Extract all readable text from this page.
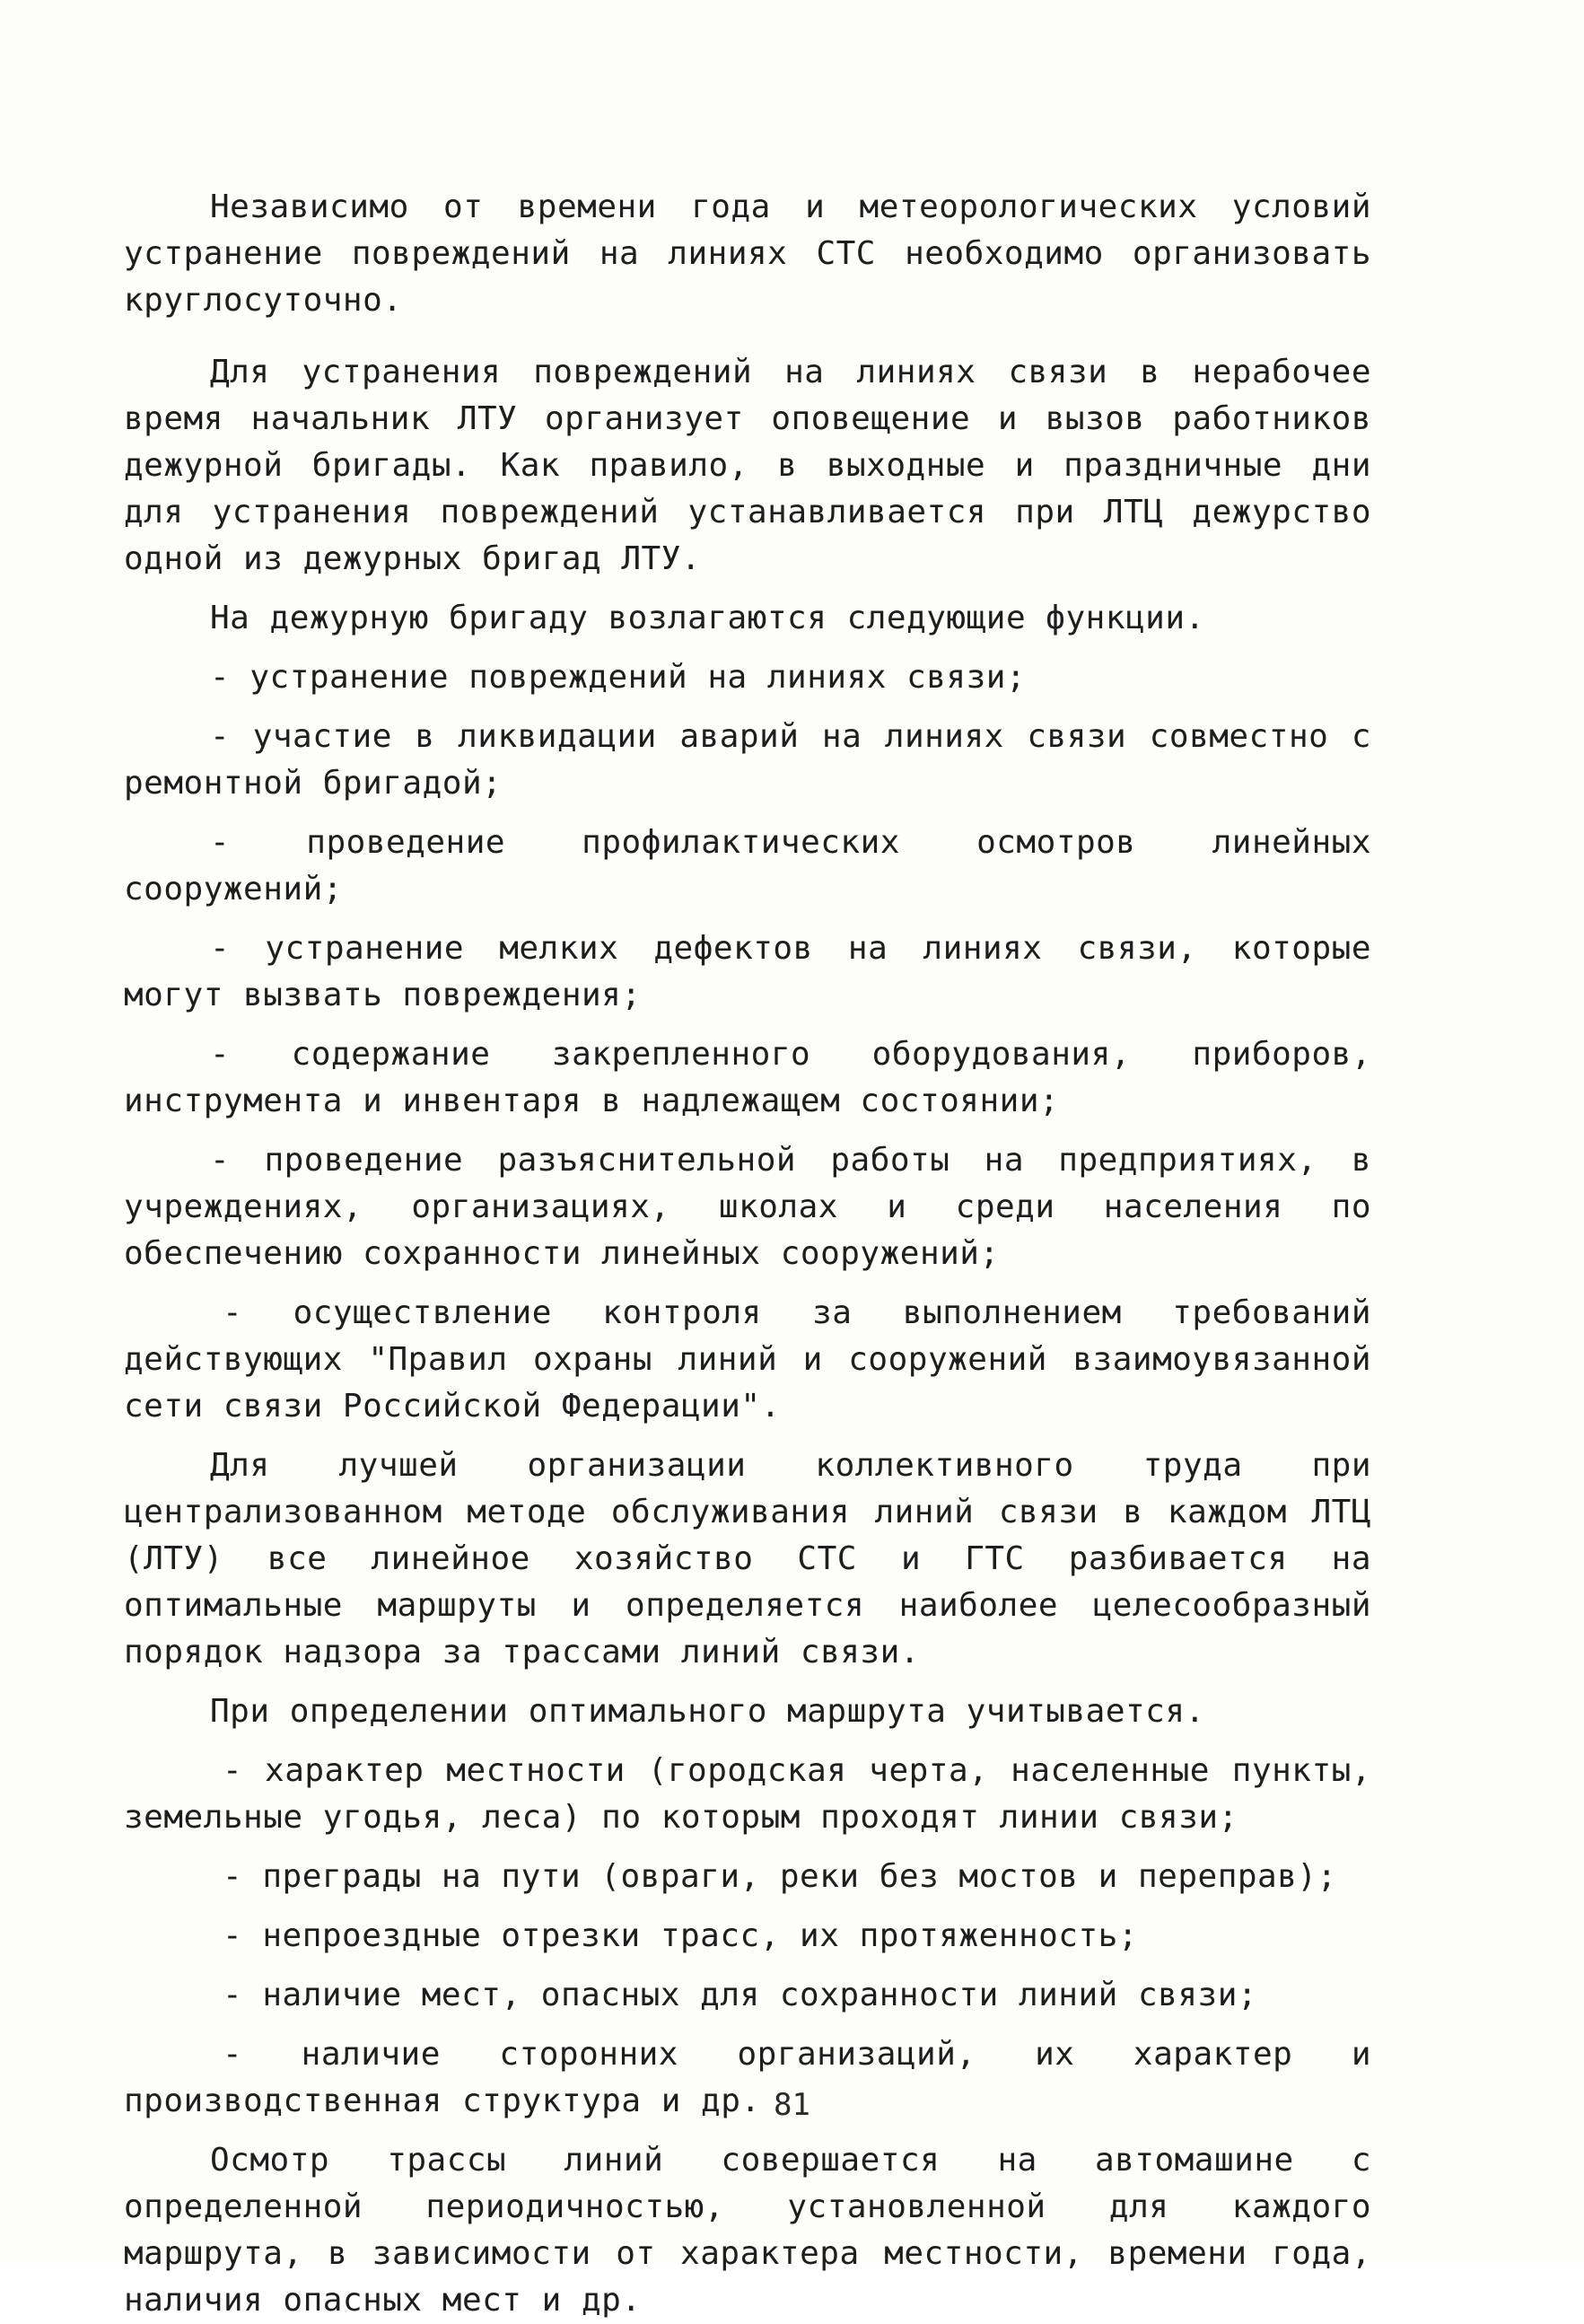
Независимо от времени года и метеорологических условий устранение повреждений на линиях СТС необходимо организовать круглосуточно.

Для устранения повреждений на линиях связи в нерабочее время начальник ЛТУ организует оповещение и вызов работников дежурной бригады. Как правило, в выходные и праздничные дни для устранения повреждений устанавливается при ЛТЦ дежурство одной из дежурных бригад ЛТУ.

На дежурную бригаду возлагаются следующие функции.

- устранение повреждений на линиях связи;

- участие в ликвидации аварий на линиях связи совместно с ремонтной бригадой;

- проведение профилактических осмотров линейных сооружений;

- устранение мелких дефектов на линиях связи, которые могут вызвать повреждения;

- содержание закрепленного оборудования, приборов, инструмента и инвентаря в надлежащем состоянии;

- проведение разъяснительной работы на предприятиях, в учреждениях, организациях, школах и среди населения по обеспечению сохранности линейных сооружений;

- осуществление контроля за выполнением требований действующих "Правил охраны линий и сооружений взаимоувязанной сети связи Российской Федерации".

Для лучшей организации коллективного труда при централизованном методе обслуживания линий связи в каждом ЛТЦ (ЛТУ) все линейное хозяйство СТС и ГТС разбивается на оптимальные маршруты и определяется наиболее целесообразный порядок надзора за трассами линий связи.

При определении оптимального маршрута учитывается.

- характер местности (городская черта, населенные пункты, земельные угодья, леса) по которым проходят линии связи;

- преграды на пути (овраги, реки без мостов и переправ);

- непроездные отрезки трасс, их протяженность;

- наличие мест, опасных для сохранности линий связи;

- наличие сторонних организаций, их характер и производственная структура и др.

Осмотр трассы линий совершается на автомашине с определенной периодичностью, установленной для каждого маршрута, в зависимости от характера местности, времени года, наличия опасных мест и др.

81
